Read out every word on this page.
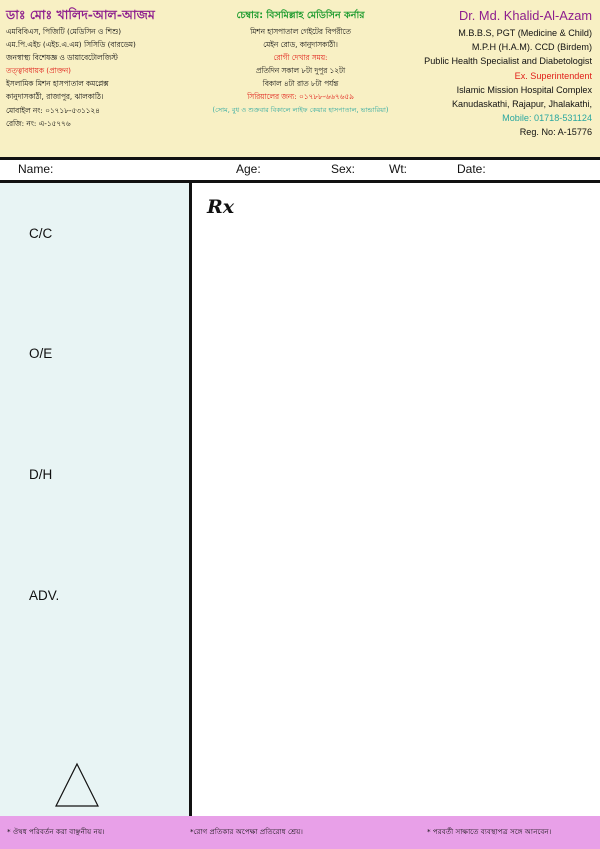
ডাঃ মোঃ খালিদ-আল-আজম
এমবিবিএস, পিজিটি (মেডিসিন ও শিশু)
এম.পি.এইচ (এইচ.এ.এম) সিসিডি (বারডেম)
জনস্বাস্থ্য বিশেষজ্ঞ ও ডায়াবেটোলজিস্ট
তত্ত্বাবধায়ক (প্রাক্তন)
ইসলামিক মিশন হাসপাতাল কমপ্লেক্স
কানুদাসকাঠী, রাজাপুর, ঝালকাঠি।
মোবাইল নং: ০১৭১৮-৫৩১১২৪
রেজি: নং: এ-১৫৭৭৬
চেম্বার: বিসমিল্লাহ মেডিসিন কর্নার
মিশন হাসপাতাল গেইটের বিপরীতে
মেইন রোড, কানুদাসকাঠী।
রোগী দেখার সময়:
প্রতিদিন সকাল ৮টা দুপুর ১২টা
বিকাল ৪টা রাত ৮টা পর্যন্ত
সিরিয়ালের জন্য: ০১৭৮৮-৬৬৭৬৫৯
(সোম, বুধ ও শুক্রবার বিকালে লাইফ কেয়ার হাসপাতাল, ভান্ডারিয়া)
Dr. Md. Khalid-Al-Azam
M.B.B.S, PGT (Medicine & Child)
M.P.H (H.A.M). CCD (Birdem)
Public Health Specialist and Diabetologist
Ex. Superintendent
Islamic Mission Hospital Complex
Kanudaskathi, Rajapur, Jhalakathi,
Mobile: 01718-531124
Reg. No: A-15776
Name:	Age:	Sex:	Wt:	Date:
C/C
O/E
D/H
ADV.
Rx
* ঔষধ পরিবর্তন করা বাঞ্ছনীয় নয়।	*রোগ প্রতিকার অপেক্ষা প্রতিরোধ শ্রেয়।	* পরবর্তী সাক্ষাতে ব্যবস্থাপত্র সঙ্গে আনবেন।
